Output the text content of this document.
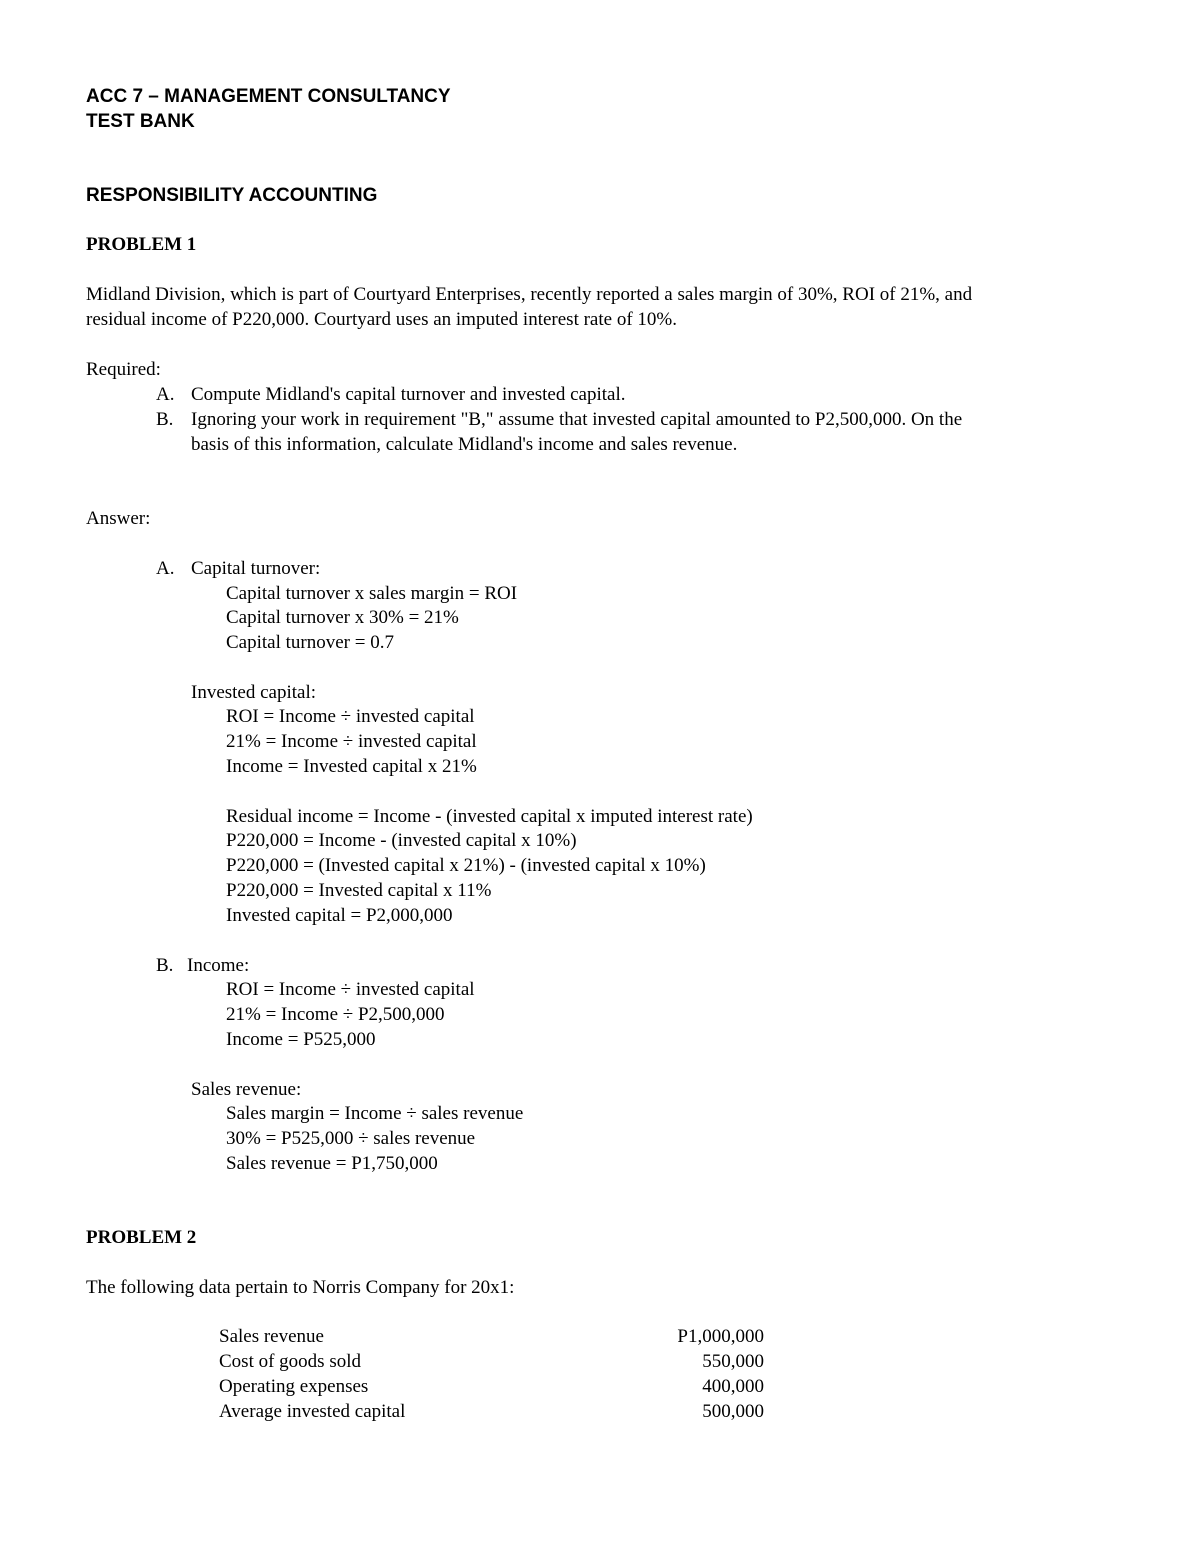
ACC 7 – MANAGEMENT CONSULTANCY
TEST BANK
RESPONSIBILITY ACCOUNTING
PROBLEM 1
Midland Division, which is part of Courtyard Enterprises, recently reported a sales margin of 30%, ROI of 21%, and
residual income of P220,000. Courtyard uses an imputed interest rate of 10%.
Required:
A. Compute Midland's capital turnover and invested capital.
B. Ignoring your work in requirement "B," assume that invested capital amounted to P2,500,000. On the
basis of this information, calculate Midland's income and sales revenue.
Answer:
A. Capital turnover:
Capital turnover x sales margin = ROI
Capital turnover x 30% = 21%
Capital turnover = 0.7
Invested capital:
ROI = Income ÷ invested capital
21% = Income ÷ invested capital
Income = Invested capital x 21%
Residual income = Income - (invested capital x imputed interest rate)
P220,000 = Income - (invested capital x 10%)
P220,000 = (Invested capital x 21%) - (invested capital x 10%)
P220,000 = Invested capital x 11%
Invested capital = P2,000,000
B. Income:
ROI = Income ÷ invested capital
21% = Income ÷ P2,500,000
Income = P525,000
Sales revenue:
Sales margin = Income ÷ sales revenue
30% = P525,000 ÷ sales revenue
Sales revenue = P1,750,000
PROBLEM 2
The following data pertain to Norris Company for 20x1:
Sales revenue	P1,000,000
Cost of goods sold	550,000
Operating expenses	400,000
Average invested capital	500,000
